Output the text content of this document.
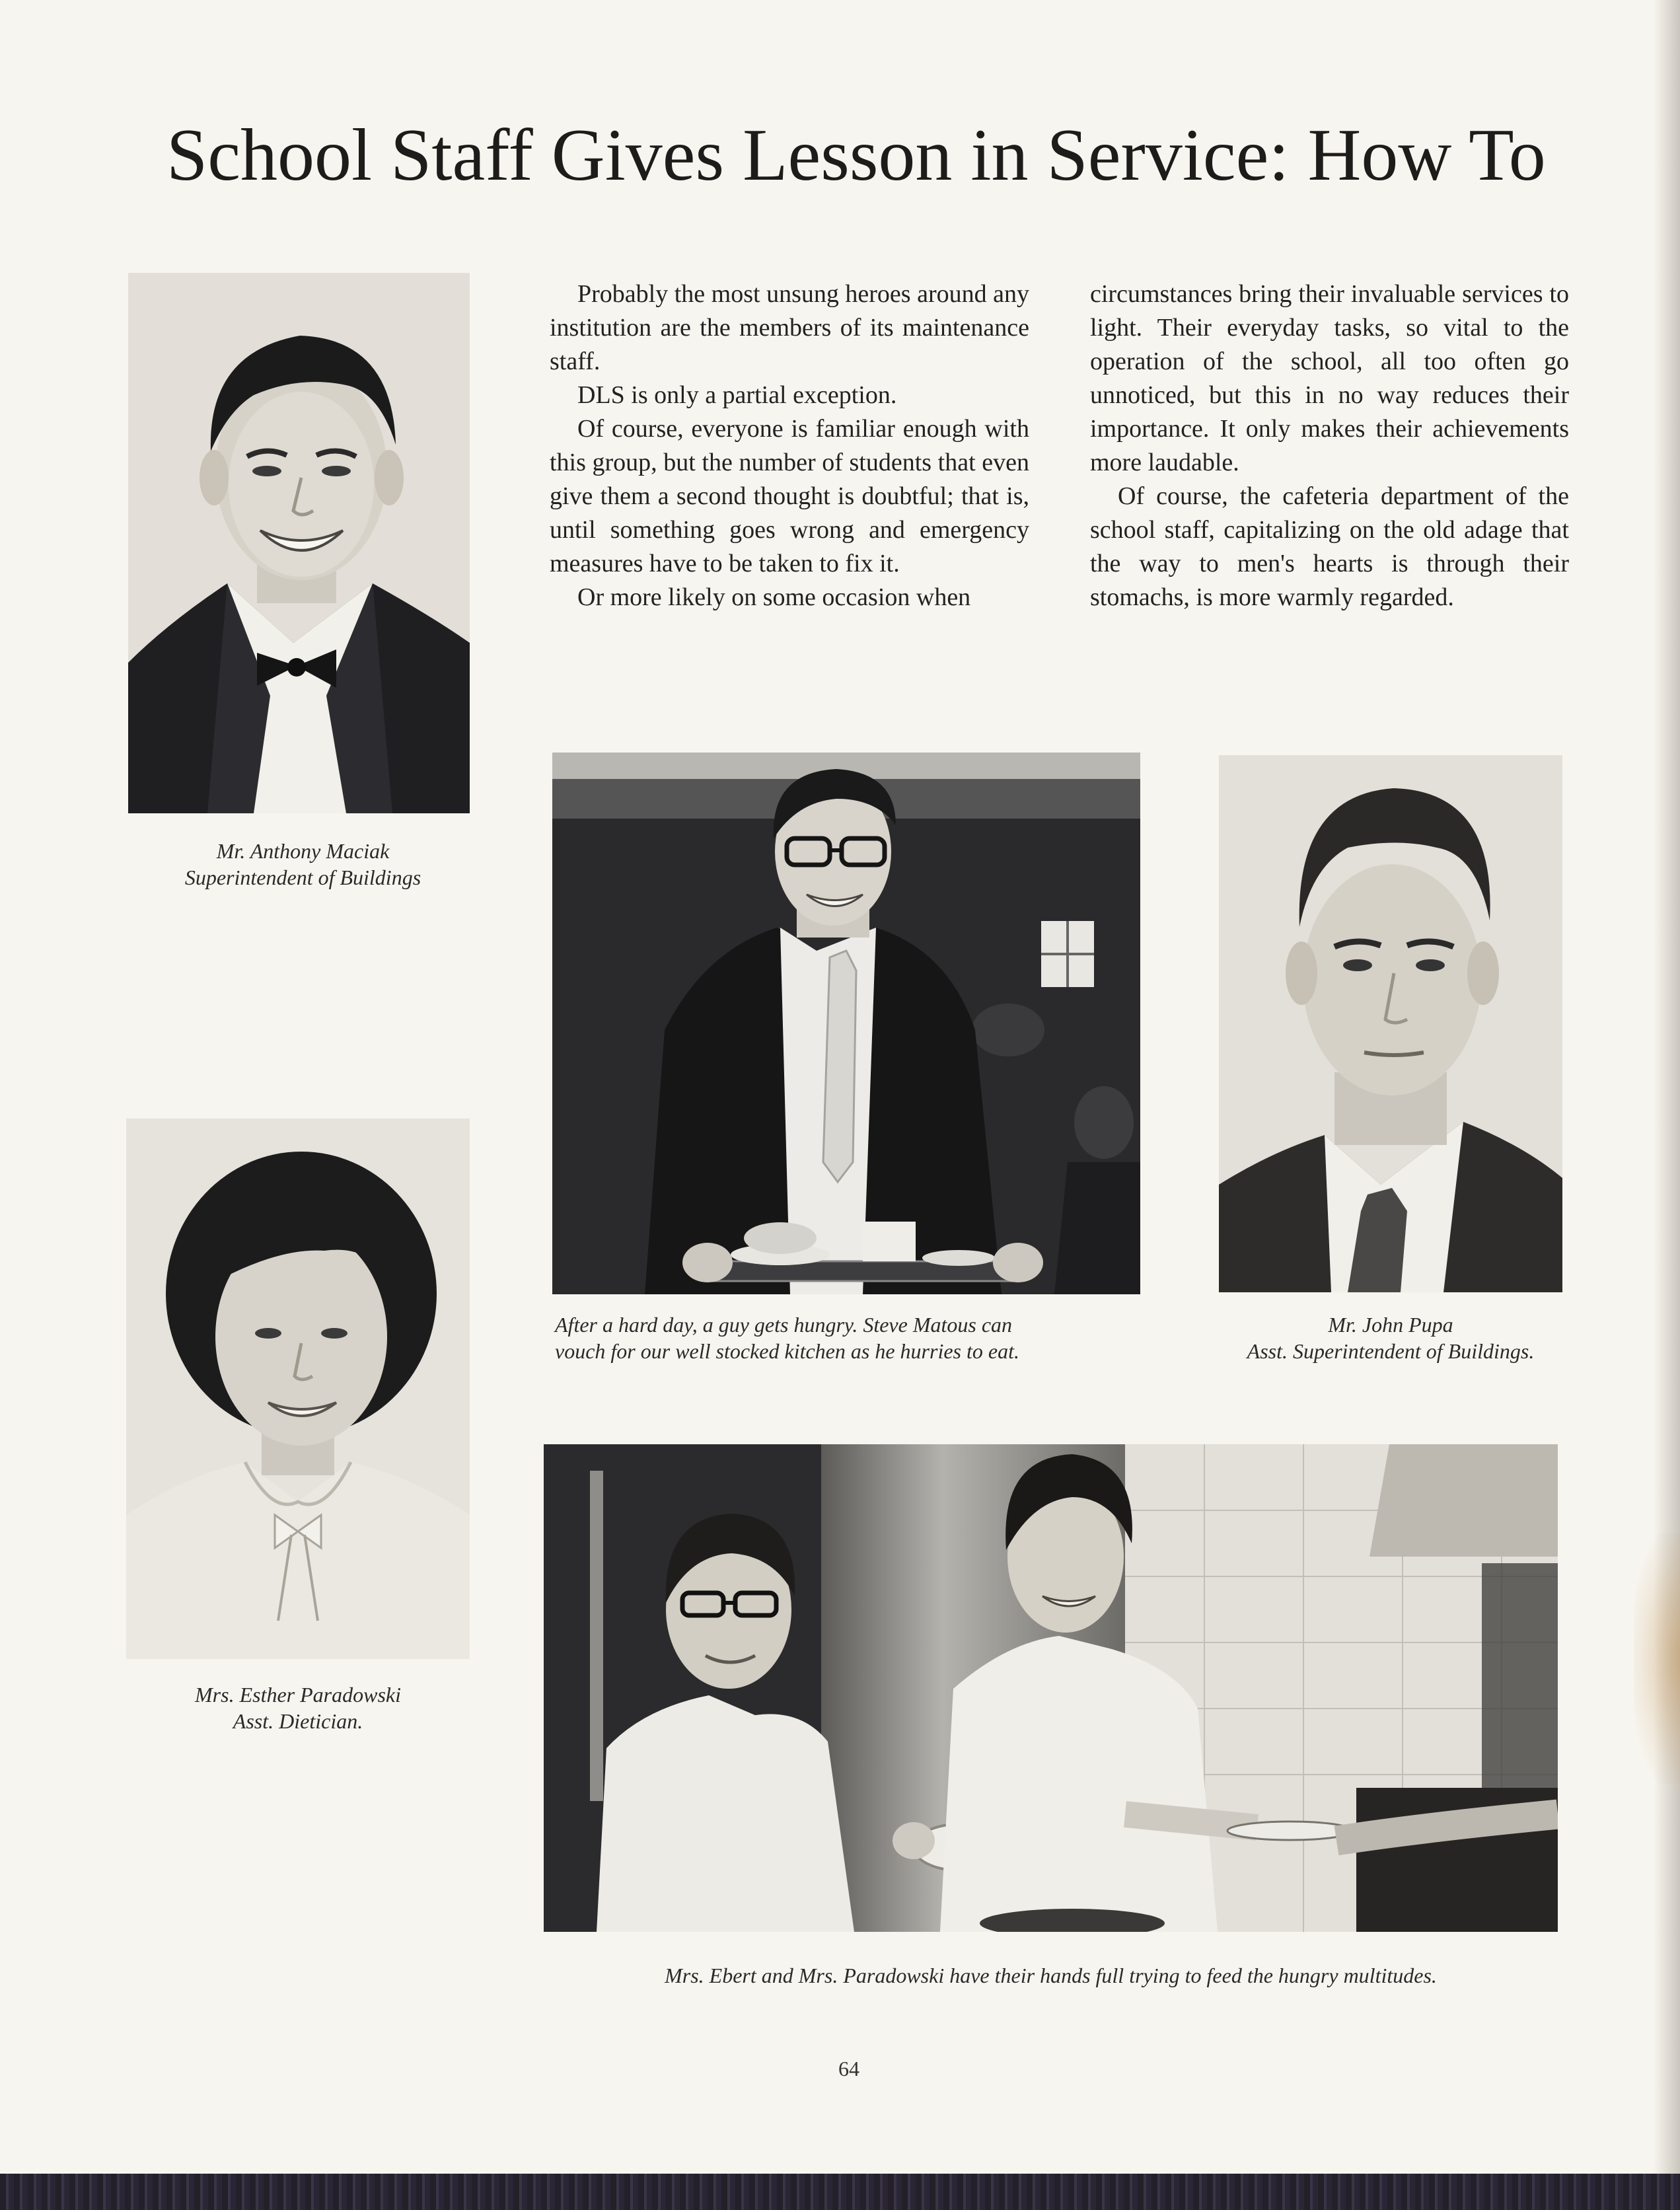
School Staff Gives Lesson in Service: How To

Probably the most unsung heroes around any institution are the members of its maintenance staff.

DLS is only a partial exception.

Of course, everyone is familiar enough with this group, but the number of students that even give them a second thought is doubtful; that is, until something goes wrong and emergency measures have to be taken to fix it.

Or more likely on some occasion when

circumstances bring their invaluable services to light. Their everyday tasks, so vital to the operation of the school, all too often go unnoticed, but this in no way reduces their importance. It only makes their achievements more laudable.

Of course, the cafeteria department of the school staff, capitalizing on the old adage that the way to men's hearts is through their stomachs, is more warmly regarded.

Mr. Anthony Maciak
Superintendent of Buildings
After a hard day, a guy gets hungry. Steve Matous can
vouch for our well stocked kitchen as he hurries to eat.
Mr. John Pupa
Asst. Superintendent of Buildings.
Mrs. Esther Paradowski
Asst. Dietician.
Mrs. Ebert and Mrs. Paradowski have their hands full trying to feed the hungry multitudes.
64
